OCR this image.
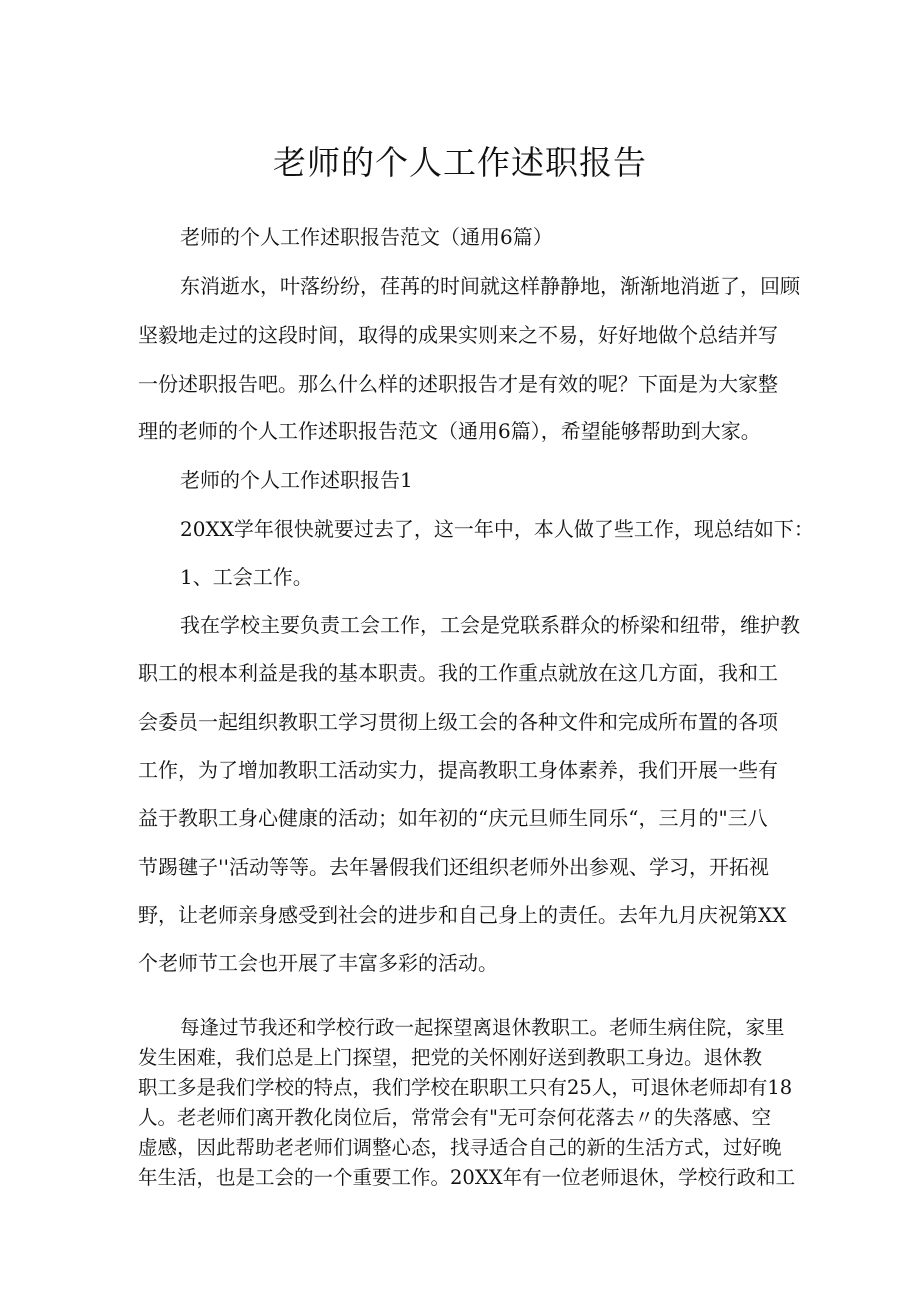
老师的个人工作述职报告

老师的个人工作述职报告范文（通用6篇）

东消逝水，叶落纷纷，荏苒的时间就这样静静地，渐渐地消逝了，回顾

坚毅地走过的这段时间，取得的成果实则来之不易，好好地做个总结并写

一份述职报告吧。那么什么样的述职报告才是有效的呢？下面是为大家整

理的老师的个人工作述职报告范文（通用6篇），希望能够帮助到大家。

老师的个人工作述职报告1

20XX学年很快就要过去了，这一年中，本人做了些工作，现总结如下：

1、工会工作。

我在学校主要负责工会工作，工会是党联系群众的桥梁和纽带，维护教

职工的根本利益是我的基本职责。我的工作重点就放在这几方面，我和工

会委员一起组织教职工学习贯彻上级工会的各种文件和完成所布置的各项

工作，为了增加教职工活动实力，提高教职工身体素养，我们开展一些有

益于教职工身心健康的活动；如年初的“庆元旦师生同乐“，三月的"三八

节踢毽子''活动等等。去年暑假我们还组织老师外出参观、学习，开拓视

野，让老师亲身感受到社会的进步和自己身上的责任。去年九月庆祝第XX

个老师节工会也开展了丰富多彩的活动。

每逢过节我还和学校行政一起探望离退休教职工。老师生病住院，家里

发生困难，我们总是上门探望，把党的关怀刚好送到教职工身边。退休教

职工多是我们学校的特点，我们学校在职职工只有25人，可退休老师却有18

人。老老师们离开教化岗位后，常常会有"无可奈何花落去〃的失落感、空

虚感，因此帮助老老师们调整心态，找寻适合自己的新的生活方式，过好晚

年生活，也是工会的一个重要工作。20XX年有一位老师退休，学校行政和工
